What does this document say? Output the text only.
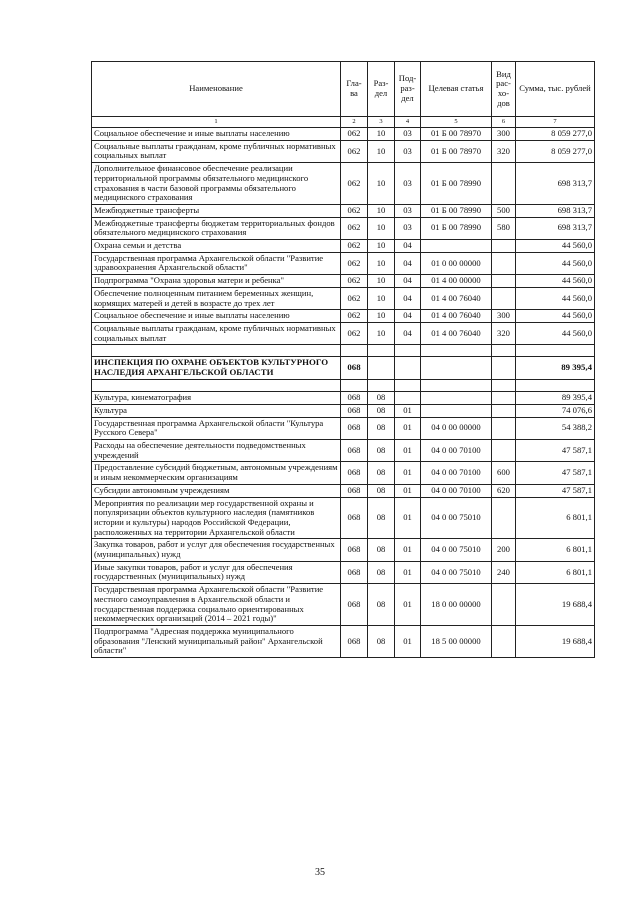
Наименование	Гла-ва	Раз-дел	Под-раз-дел	Целевая статья	Вид рас-хо-дов	Сумма, тыс. рублей
1	2	3	4	5	6	7
Социальное обеспечение и иные выплаты населению	062	10	03	01 Б 00 78970	300	8 059 277,0
Социальные выплаты гражданам, кроме публичных нормативных социальных выплат	062	10	03	01 Б 00 78970	320	8 059 277,0
Дополнительное финансовое обеспечение реализации территориальной программы обязательного медицинского страхования в части базовой программы обязательного медицинского страхования	062	10	03	01 Б 00 78990		698 313,7
Межбюджетные трансферты	062	10	03	01 Б 00 78990	500	698 313,7
Межбюджетные трансферты бюджетам территориальных фондов обязательного медицинского страхования	062	10	03	01 Б 00 78990	580	698 313,7
Охрана семьи и детства	062	10	04			44 560,0
Государственная программа Архангельской области "Развитие здравоохранения Архангельской области"	062	10	04	01 0 00 00000		44 560,0
Подпрограмма "Охрана здоровья матери и ребенка"	062	10	04	01 4 00 00000		44 560,0
Обеспечение полноценным питанием беременных женщин, кормящих матерей и детей в возрасте до трех лет	062	10	04	01 4 00 76040		44 560,0
Социальное обеспечение и иные выплаты населению	062	10	04	01 4 00 76040	300	44 560,0
Социальные выплаты гражданам, кроме публичных нормативных социальных выплат	062	10	04	01 4 00 76040	320	44 560,0

ИНСПЕКЦИЯ ПО ОХРАНЕ ОБЪЕКТОВ КУЛЬТУРНОГО НАСЛЕДИЯ АРХАНГЕЛЬСКОЙ ОБЛАСТИ	068					89 395,4

Культура, кинематография	068	08				89 395,4
Культура	068	08	01			74 076,6
Государственная программа Архангельской области "Культура Русского Севера"	068	08	01	04 0 00 00000		54 388,2
Расходы на обеспечение деятельности подведомственных учреждений	068	08	01	04 0 00 70100		47 587,1
Предоставление субсидий бюджетным, автономным учреждениям и иным некоммерческим организациям	068	08	01	04 0 00 70100	600	47 587,1
Субсидии автономным учреждениям	068	08	01	04 0 00 70100	620	47 587,1
Мероприятия по реализации мер государственной охраны и популяризации объектов культурного наследия (памятников истории и культуры) народов Российской Федерации, расположенных на территории Архангельской области	068	08	01	04 0 00 75010		6 801,1
Закупка товаров, работ и услуг для обеспечения государственных (муниципальных) нужд	068	08	01	04 0 00 75010	200	6 801,1
Иные закупки товаров, работ и услуг для обеспечения государственных (муниципальных) нужд	068	08	01	04 0 00 75010	240	6 801,1
Государственная программа Архангельской области "Развитие местного самоуправления в Архангельской области и государственная поддержка социально ориентированных некоммерческих организаций (2014 – 2021 годы)"	068	08	01	18 0 00 00000		19 688,4
Подпрограмма "Адресная поддержка муниципального образования "Ленский муниципальный район" Архангельской области"	068	08	01	18 5 00 00000		19 688,4
35
